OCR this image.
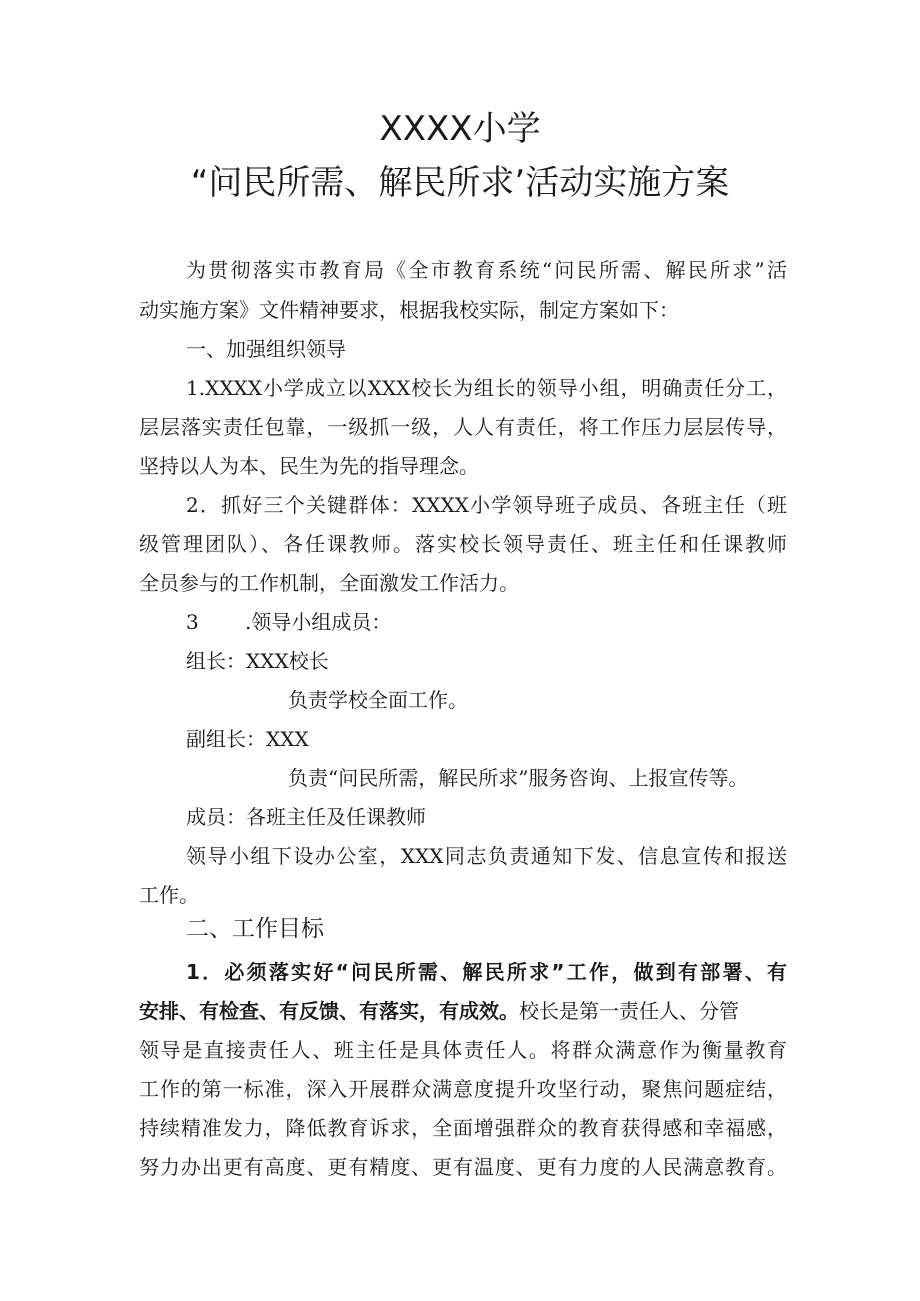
XXXX小学
“问民所需、解民所求’活动实施方案
为贯彻落实市教育局《全市教育系统“问民所需、解民所求”活
动实施方案》文件精神要求，根据我校实际，制定方案如下：
一、加强组织领导
1.XXXX小学成立以XXX校长为组长的领导小组，明确责任分工，
层层落实责任包靠，一级抓一级，人人有责任，将工作压力层层传导，
坚持以人为本、民生为先的指导理念。
2．抓好三个关键群体：XXXX小学领导班子成员、各班主任（班
级管理团队）、各任课教师。落实校长领导责任、班主任和任课教师
全员参与的工作机制，全面激发工作活力。
3 .领导小组成员：
组长：XXX校长
负责学校全面工作。
副组长：XXX
负责“问民所需，解民所求”服务咨询、上报宣传等。
成员：各班主任及任课教师
领导小组下设办公室，XXX同志负责通知下发、信息宣传和报送
工作。
二、工作目标
1．必须落实好“问民所需、解民所求”工作，做到有部署、有
安排、有检查、有反馈、有落实，有成效。校长是第一责任人、分管
领导是直接责任人、班主任是具体责任人。将群众满意作为衡量教育
工作的第一标准，深入开展群众满意度提升攻坚行动，聚焦问题症结，
持续精准发力，降低教育诉求，全面增强群众的教育获得感和幸福感，
努力办出更有高度、更有精度、更有温度、更有力度的人民满意教育。
